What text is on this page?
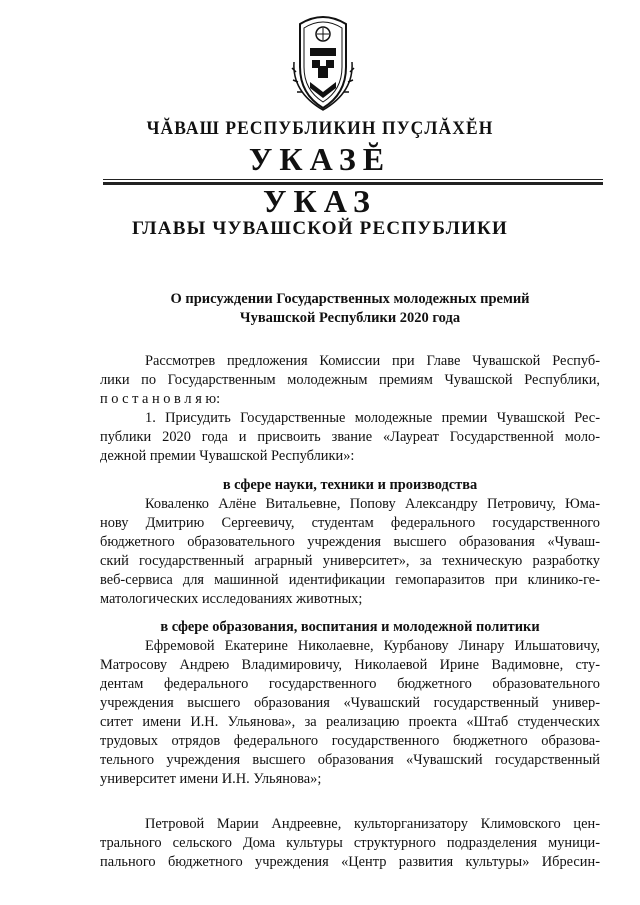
ЧĂВАШ РЕСПУБЛИКИН ПУÇЛĂХĔН
УКАЗĔ
УКАЗ
ГЛАВЫ ЧУВАШСКОЙ РЕСПУБЛИКИ
О присуждении Государственных молодежных премий
Чувашской Республики 2020 года
Рассмотрев предложения Комиссии при Главе Чувашской Респуб-
лики по Государственным молодежным премиям Чувашской Республики,
п о с т а н о в л я ю:
1. Присудить Государственные молодежные премии Чувашской Рес-
публики 2020 года и присвоить звание «Лауреат Государственной моло-
дежной премии Чувашской Республики»:
в сфере науки, техники и производства
Коваленко Алёне Витальевне, Попову Александру Петровичу, Юма-
нову Дмитрию Сергеевичу, студентам федерального государственного
бюджетного образовательного учреждения высшего образования «Чуваш-
ский государственный аграрный университет», за техническую разработку
веб-сервиса для машинной идентификации гемопаразитов при клинико-ге-
матологических исследованиях животных;
в сфере образования, воспитания и молодежной политики
Ефремовой Екатерине Николаевне, Курбанову Линару Ильшатовичу,
Матросову Андрею Владимировичу, Николаевой Ирине Вадимовне, сту-
дентам федерального государственного бюджетного образовательного
учреждения высшего образования «Чувашский государственный универ-
ситет имени И.Н. Ульянова», за реализацию проекта «Штаб студенческих
трудовых отрядов федерального государственного бюджетного образова-
тельного учреждения высшего образования «Чувашский государственный
университет имени И.Н. Ульянова»;
Петровой Марии Андреевне, культорганизатору Климовского цен-
трального сельского Дома культуры структурного подразделения муници-
пального бюджетного учреждения «Центр развития культуры» Ибресин-
